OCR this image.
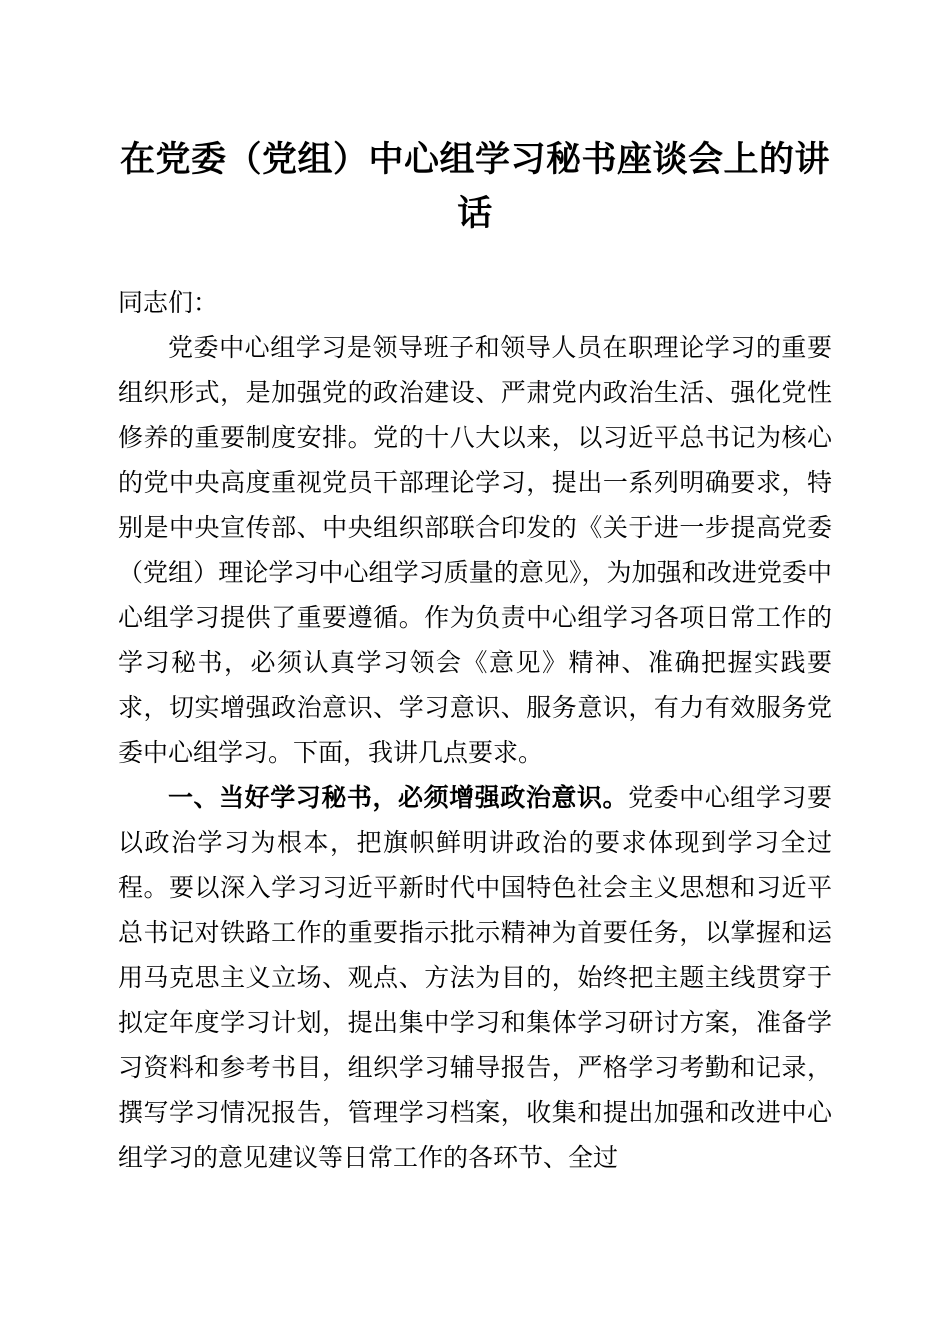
在党委（党组）中心组学习秘书座谈会上的讲话

同志们：

党委中心组学习是领导班子和领导人员在职理论学习的重要组织形式，是加强党的政治建设、严肃党内政治生活、强化党性修养的重要制度安排。党的十八大以来，以习近平总书记为核心的党中央高度重视党员干部理论学习，提出一系列明确要求，特别是中央宣传部、中央组织部联合印发的《关于进一步提高党委（党组）理论学习中心组学习质量的意见》，为加强和改进党委中心组学习提供了重要遵循。作为负责中心组学习各项日常工作的学习秘书，必须认真学习领会《意见》精神、准确把握实践要求，切实增强政治意识、学习意识、服务意识，有力有效服务党委中心组学习。下面，我讲几点要求。

一、当好学习秘书，必须增强政治意识。党委中心组学习要以政治学习为根本，把旗帜鲜明讲政治的要求体现到学习全过程。要以深入学习习近平新时代中国特色社会主义思想和习近平总书记对铁路工作的重要指示批示精神为首要任务，以掌握和运用马克思主义立场、观点、方法为目的，始终把主题主线贯穿于拟定年度学习计划，提出集中学习和集体学习研讨方案，准备学习资料和参考书目，组织学习辅导报告，严格学习考勤和记录，撰写学习情况报告，管理学习档案，收集和提出加强和改进中心组学习的意见建议等日常工作的各环节、全过
